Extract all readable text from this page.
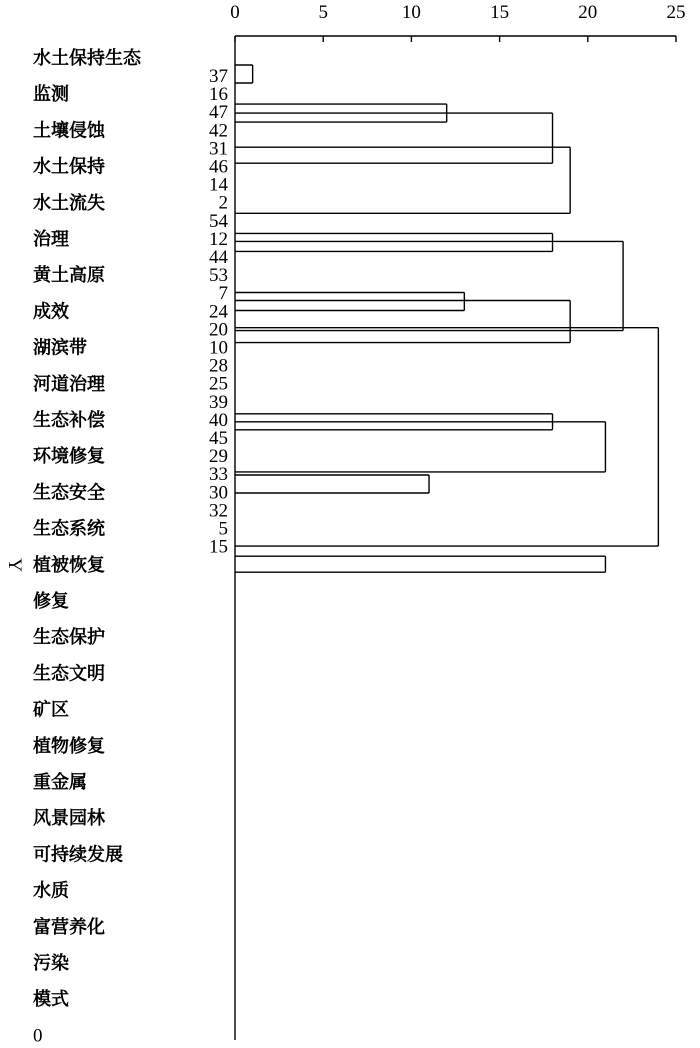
0	5	10	15	20	25
37
16
47
42
31
46
14
2
54
12
44
53
7
24
20
10
28
25
39
40
45
29
33
30
32
5
15
水土保持生态
监测
土壤侵蚀
水土保持
水土流失
治理
黄土高原
成效
湖滨带
河道治理
生态补偿
环境修复
生态安全
生态系统
植被恢复
修复
生态保护
生态文明
矿区
植物修复
重金属
风景园林
可持续发展
水质
富营养化
污染
模式
0
Y
